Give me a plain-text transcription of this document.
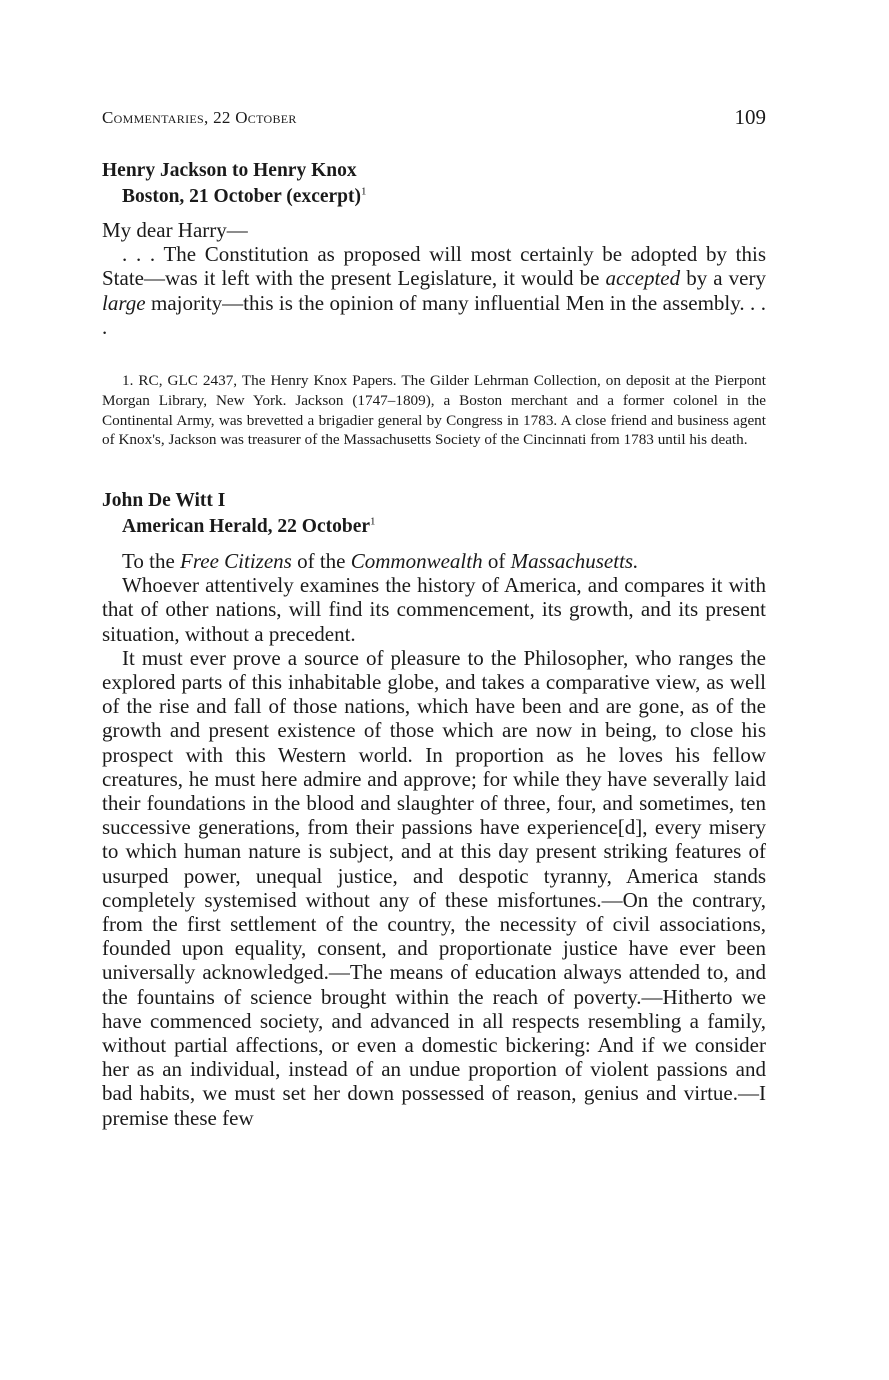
Commentaries, 22 October	109
Henry Jackson to Henry Knox
Boston, 21 October (excerpt)$^1$

My dear Harry—

. . . The Constitution as proposed will most certainly be adopted by this State—was it left with the present Legislature, it would be accepted by a very large majority—this is the opinion of many influential Men in the assembly. . . .

1. RC, GLC 2437, The Henry Knox Papers. The Gilder Lehrman Collection, on deposit at the Pierpont Morgan Library, New York. Jackson (1747–1809), a Boston merchant and a former colonel in the Continental Army, was brevetted a brigadier general by Congress in 1783. A close friend and business agent of Knox's, Jackson was treasurer of the Massachusetts Society of the Cincinnati from 1783 until his death.

John De Witt I
American Herald, 22 October$^1$

To the Free Citizens of the Commonwealth of Massachusetts.

Whoever attentively examines the history of America, and compares it with that of other nations, will find its commencement, its growth, and its present situation, without a precedent.

It must ever prove a source of pleasure to the Philosopher, who ranges the explored parts of this inhabitable globe, and takes a comparative view, as well of the rise and fall of those nations, which have been and are gone, as of the growth and present existence of those which are now in being, to close his prospect with this Western world. In proportion as he loves his fellow creatures, he must here admire and approve; for while they have severally laid their foundations in the blood and slaughter of three, four, and sometimes, ten successive generations, from their passions have experience[d], every misery to which human nature is subject, and at this day present striking features of usurped power, unequal justice, and despotic tyranny, America stands completely systemised without any of these misfortunes.—On the contrary, from the first settlement of the country, the necessity of civil associations, founded upon equality, consent, and proportionate justice have ever been universally acknowledged.—The means of education always attended to, and the fountains of science brought within the reach of poverty.—Hitherto we have commenced society, and advanced in all respects resembling a family, without partial affections, or even a domestic bickering: And if we consider her as an individual, instead of an undue proportion of violent passions and bad habits, we must set her down possessed of reason, genius and virtue.—I premise these few
